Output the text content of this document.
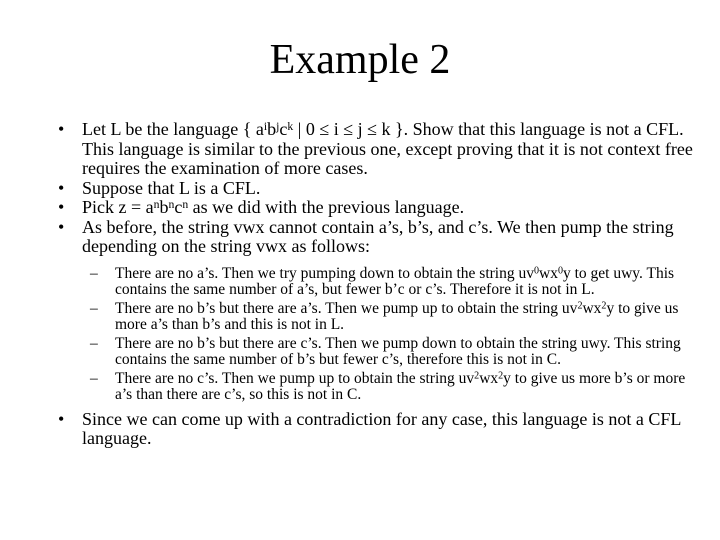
Example 2
• Let L be the language { $a^ib^jc^k$ | 0 ≤ i ≤ j ≤ k }. Show that this language is not a CFL. This language is similar to the previous one, except proving that it is not context free requires the examination of more cases.
• Suppose that L is a CFL.
• Pick $z = a^nb^nc^n$ as we did with the previous language.
• As before, the string vwx cannot contain a’s, b’s, and c’s. We then pump the string depending on the string vwx as follows:
– There are no a’s. Then we try pumping down to obtain the string $uv^0wx^0y$ to get uwy. This contains the same number of a’s, but fewer b’c or c’s. Therefore it is not in L.
– There are no b’s but there are a’s. Then we pump up to obtain the string $uv^2wx^2y$ to give us more a’s than b’s and this is not in L.
– There are no b’s but there are c’s. Then we pump down to obtain the string uwy. This string contains the same number of b’s but fewer c’s, therefore this is not in C.
– There are no c’s. Then we pump up to obtain the string $uv^2wx^2y$ to give us more b’s or more a’s than there are c’s, so this is not in C.
• Since we can come up with a contradiction for any case, this language is not a CFL language.
